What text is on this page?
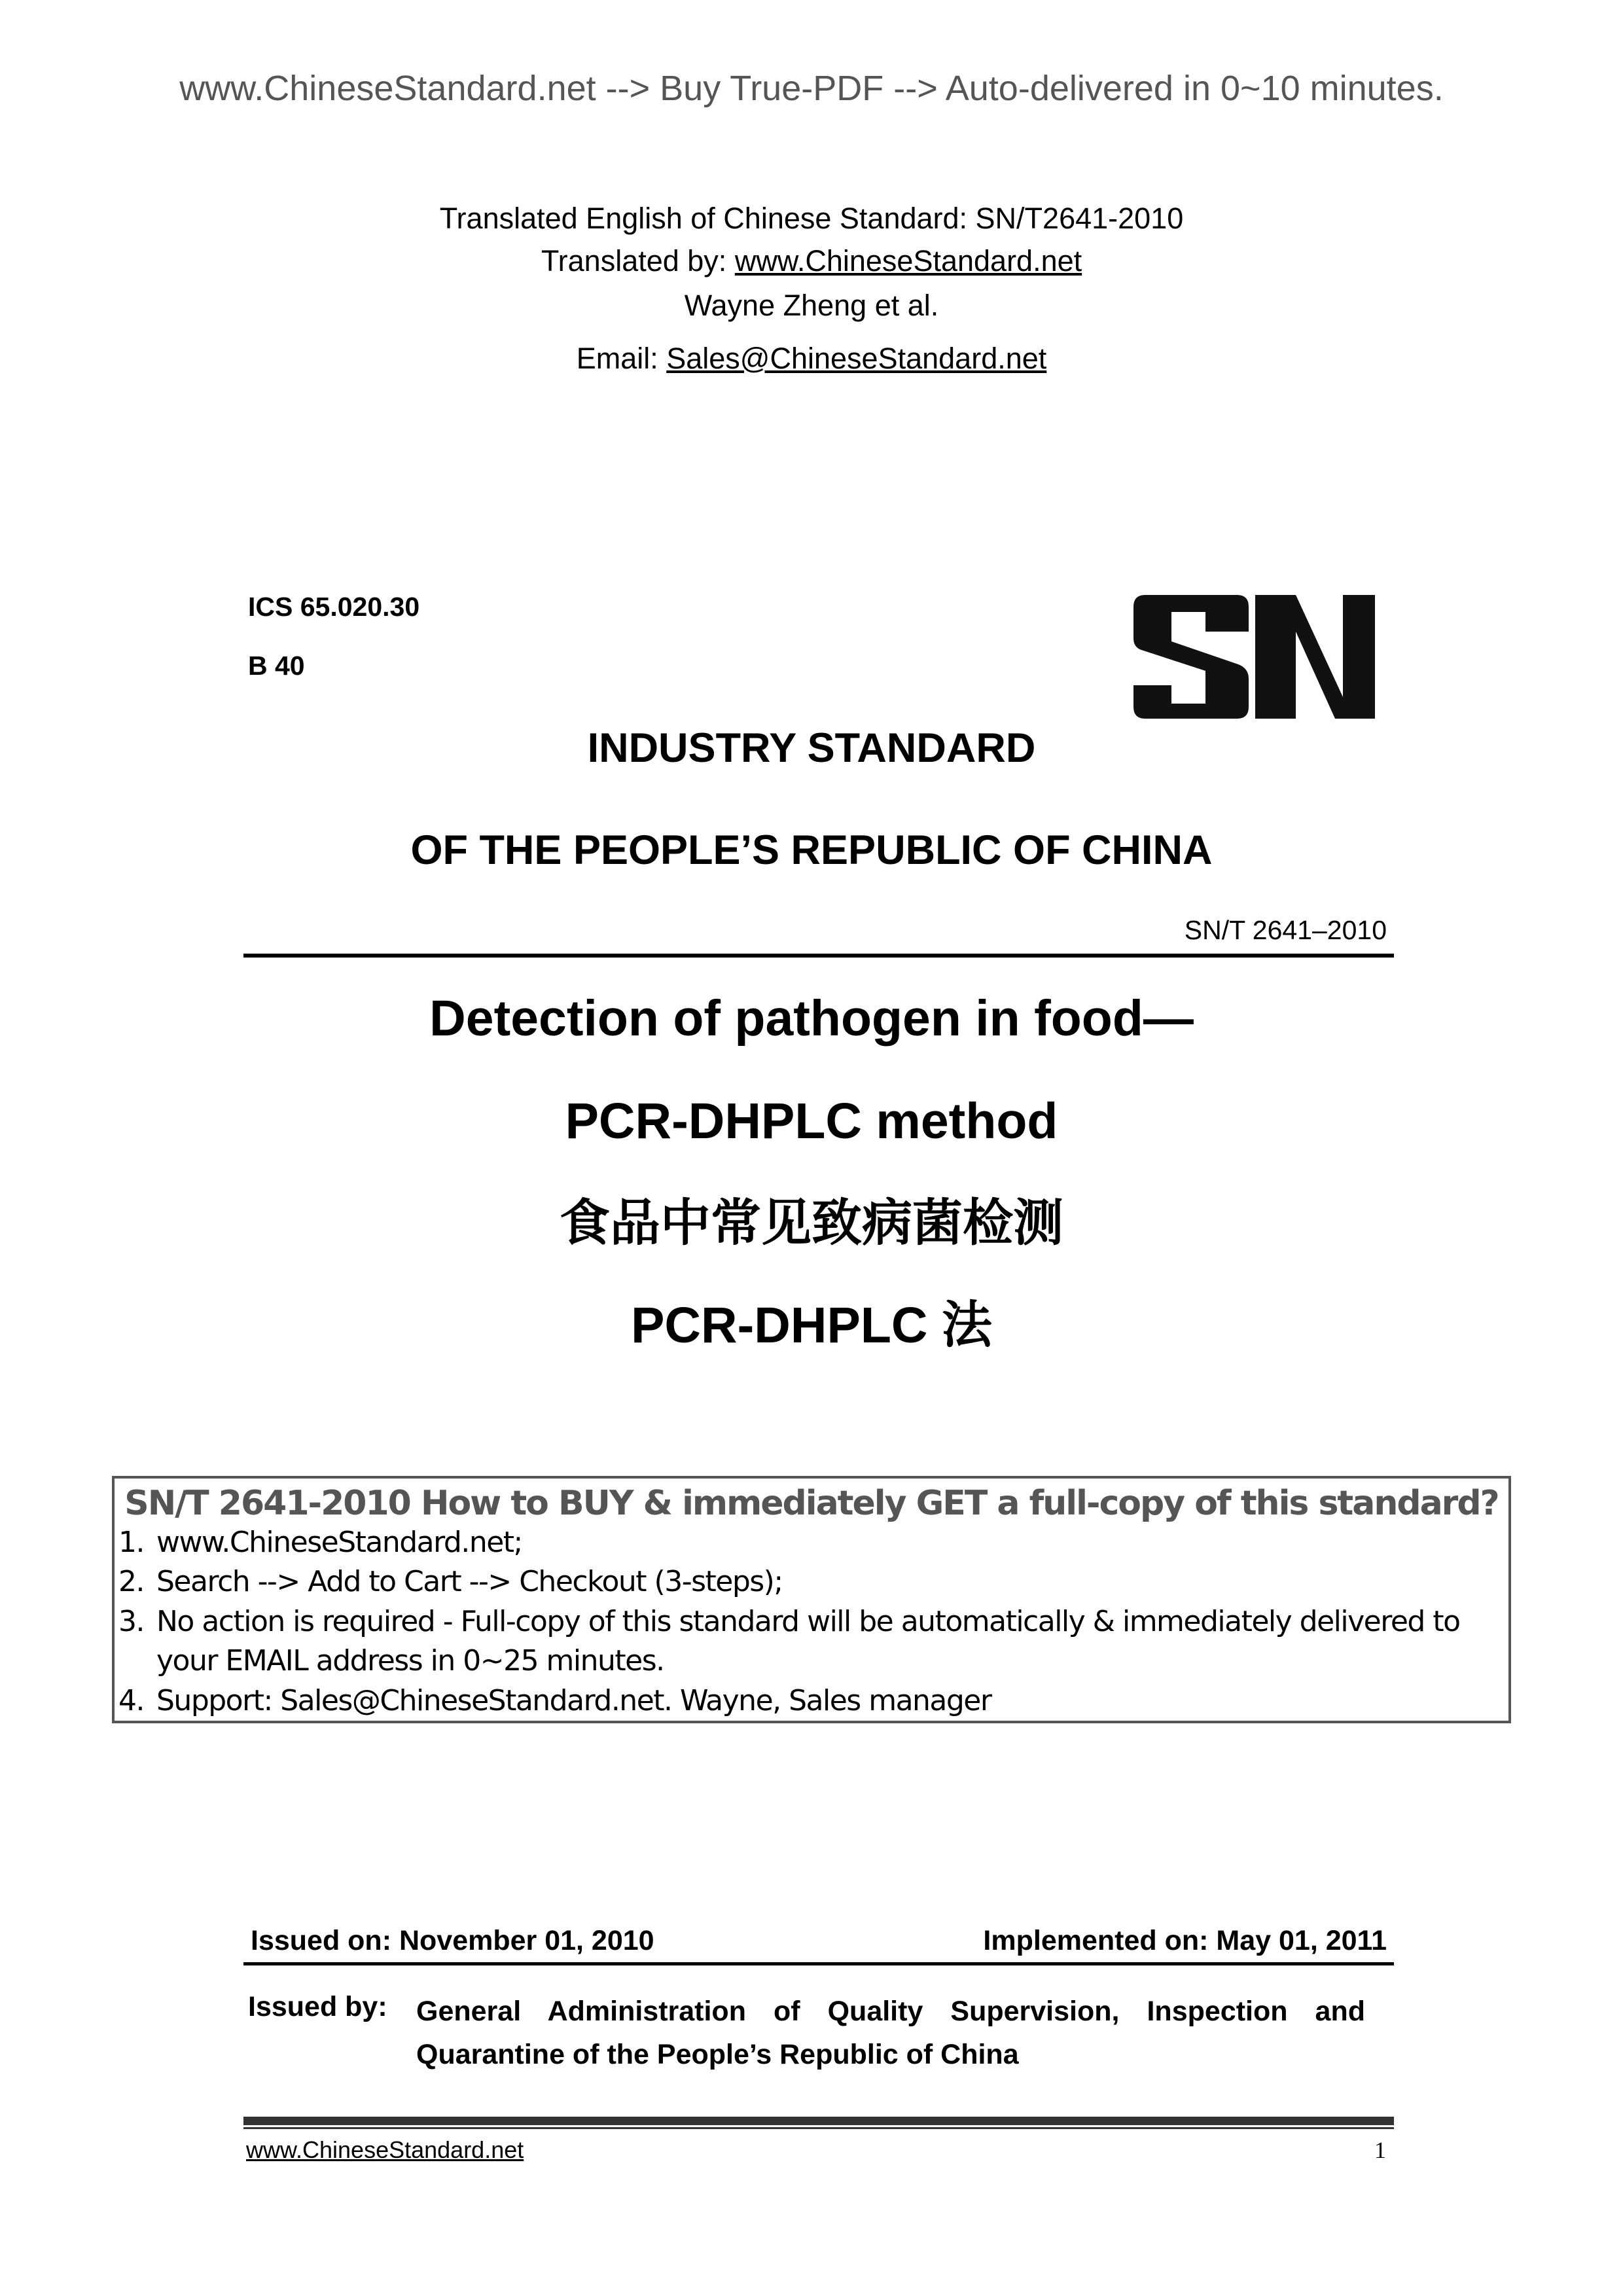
www.ChineseStandard.net --> Buy True-PDF --> Auto-delivered in 0~10 minutes.
Translated English of Chinese Standard: SN/T2641-2010
Translated by: www.ChineseStandard.net
Wayne Zheng et al.
Email: Sales@ChineseStandard.net
ICS 65.020.30
B 40
INDUSTRY STANDARD
OF THE PEOPLE’S REPUBLIC OF CHINA
SN/T 2641–2010
Detection of pathogen in food—
PCR-DHPLC method
食品中常见致病菌检测
PCR-DHPLC 法
SN/T 2641-2010 How to BUY & immediately GET a full-copy of this standard?
1. www.ChineseStandard.net;
2. Search --> Add to Cart --> Checkout (3-steps);
3. No action is required - Full-copy of this standard will be automatically & immediately delivered to
your EMAIL address in 0~25 minutes.
4. Support: Sales@ChineseStandard.net. Wayne, Sales manager
Issued on: November 01, 2010	Implemented on: May 01, 2011
Issued by: General Administration of Quality Supervision, Inspection and
Quarantine of the People’s Republic of China
www.ChineseStandard.net	1
